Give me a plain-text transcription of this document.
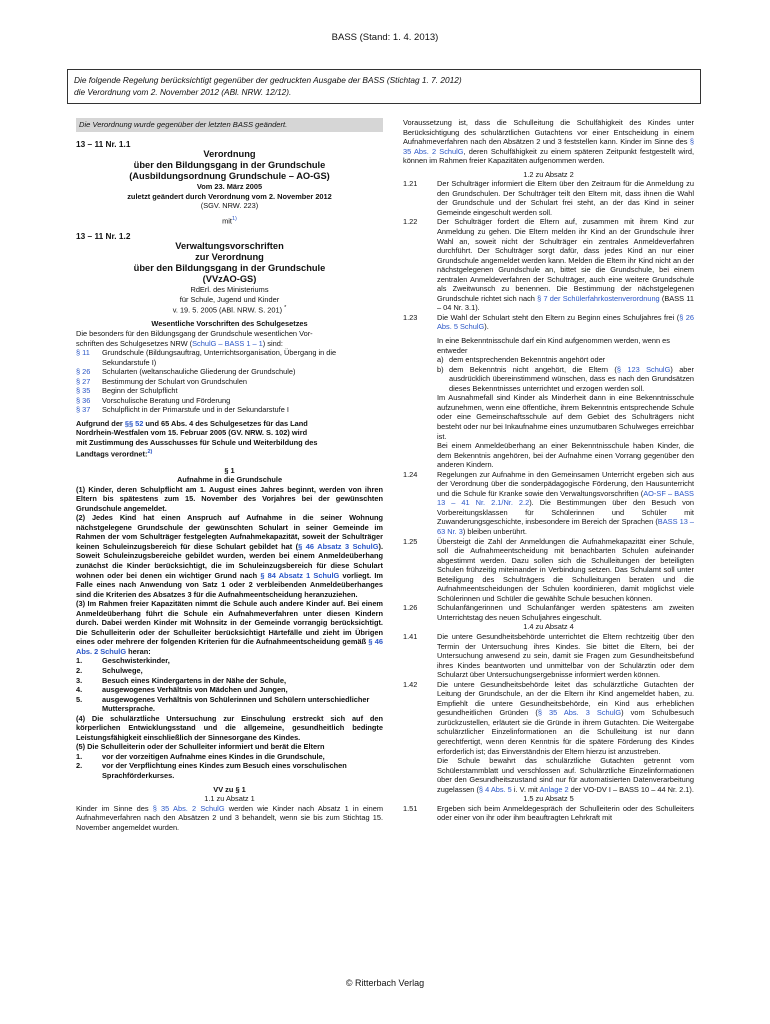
BASS (Stand: 1. 4. 2013)
Die folgende Regelung berücksichtigt gegenüber der gedruckten Ausgabe der BASS (Stichtag 1. 7. 2012)
die Verordnung vom 2. November 2012 (ABl. NRW. 12/12).

Die Verordnung wurde gegenüber der letzten BASS geändert.

13 – 11 Nr. 1.1

Verordnung

über den Bildungsgang in der Grundschule

(Ausbildungsordnung Grundschule – AO-GS)

Vom 23. März 2005

zuletzt geändert durch Verordnung vom 2. November 2012

(SGV. NRW. 223)

mit$^{1)}$

13 – 11 Nr. 1.2

Verwaltungsvorschriften

zur Verordnung

über den Bildungsgang in der Grundschule

(VVzAO-GS)

RdErl. des Ministeriums

für Schule, Jugend und Kinder

v. 19. 5. 2005 (ABl. NRW. S. 201) *

Wesentliche Vorschriften des Schulgesetzes

Die besonders für den Bildungsgang der Grundschule wesentlichen Vor-

schriften des Schulgesetzes NRW (SchulG – BASS 1 – 1) sind:

§ 11	Grundschule (Bildungsauftrag, Unterrichtsorganisation, Übergang in die Sekundarstufe I)
§ 26	Schularten (weltanschauliche Gliederung der Grundschule)
§ 27	Bestimmung der Schulart von Grundschulen
§ 35	Beginn der Schulpflicht
§ 36	Vorschulische Beratung und Förderung
§ 37	Schulpflicht in der Primarstufe und in der Sekundarstufe I

Aufgrund der §§ 52 und 65 Abs. 4 des Schulgesetzes für das Land

Nordrhein-Westfalen vom 15. Februar 2005 (GV. NRW. S. 102) wird

mit Zustimmung des Ausschusses für Schule und Weiterbildung des

Landtags verordnet:$^{2)}$

§ 1

Aufnahme in die Grundschule

(1) Kinder, deren Schulpflicht am 1. August eines Jahres beginnt, werden von ihren Eltern bis spätestens zum 15. November des Vorjahres bei der gewünschten Grundschule angemeldet.

(2) Jedes Kind hat einen Anspruch auf Aufnahme in die seiner Wohnung nächstgelegene Grundschule der gewünschten Schulart in seiner Gemeinde im Rahmen der vom Schulträger festgelegten Aufnahmekapazität, soweit der Schulträger keinen Schuleinzugsbereich für diese Schulart gebildet hat (§ 46 Absatz 3 SchulG). Soweit Schuleinzugsbereiche gebildet wurden, werden bei einem Anmeldeüberhang zunächst die Kinder berücksichtigt, die im Schuleinzugsbereich für diese Schulart wohnen oder bei denen ein wichtiger Grund nach § 84 Absatz 1 SchulG vorliegt. Im Falle eines nach Anwendung von Satz 1 oder 2 verbleibenden Anmeldeüberhanges sind die Kriterien des Absatzes 3 für die Aufnahmeentscheidung heranzuziehen.

(3) Im Rahmen freier Kapazitäten nimmt die Schule auch andere Kinder auf. Bei einem Anmeldeüberhang führt die Schule ein Aufnahmeverfahren unter diesen Kindern durch. Dabei werden Kinder mit Wohnsitz in der Gemeinde vorrangig berücksichtigt. Die Schulleiterin oder der Schulleiter berücksichtigt Härtefälle und zieht im Übrigen eines oder mehrere der folgenden Kriterien für die Aufnahmeentscheidung gemäß § 46 Abs. 2 SchulG heran:

1.	Geschwisterkinder,
2.	Schulwege,
3.	Besuch eines Kindergartens in der Nähe der Schule,
4.	ausgewogenes Verhältnis von Mädchen und Jungen,
5.	ausgewogenes Verhältnis von Schülerinnen und Schülern unterschiedlicher Muttersprache.

(4) Die schulärztliche Untersuchung zur Einschulung erstreckt sich auf den körperlichen Entwicklungsstand und die allgemeine, gesundheitlich bedingte Leistungsfähigkeit einschließlich der Sinnesorgane des Kindes.

(5) Die Schulleiterin oder der Schulleiter informiert und berät die Eltern

1.	vor der vorzeitigen Aufnahme eines Kindes in die Grundschule,
2.	vor der Verpflichtung eines Kindes zum Besuch eines vorschulischen Sprachförderkurses.

VV zu § 1

1.1 zu Absatz 1

Kinder im Sinne des § 35 Abs. 2 SchulG werden wie Kinder nach Absatz 1 in einem Aufnahmeverfahren nach den Absätzen 2 und 3 behandelt, wenn sie bis zum Stichtag 15. November angemeldet wurden.

Voraussetzung ist, dass die Schulleitung die Schulfähigkeit des Kindes unter Berücksichtigung des schulärztlichen Gutachtens vor einer Entscheidung in einem Aufnahmeverfahren nach den Absätzen 2 und 3 feststellen kann. Kinder im Sinne des § 35 Abs. 2 SchulG, deren Schulfähigkeit zu einem späteren Zeitpunkt festgestellt wird, können im Rahmen freier Kapazitäten aufgenommen werden.

1.2 zu Absatz 2

1.21	Der Schulträger informiert die Eltern über den Zeitraum für die Anmeldung zu den Grundschulen. Der Schulträger teilt den Eltern mit, dass ihnen die Wahl der Grundschule und der Schulart frei steht, an der das Kind in seiner Gemeinde eingeschult werden soll.
1.22	Der Schulträger fordert die Eltern auf, zusammen mit ihrem Kind zur Anmeldung zu gehen. Die Eltern melden ihr Kind an der Grundschule ihrer Wahl an, soweit nicht der Schulträger ein zentrales Anmeldeverfahren durchführt. Der Schulträger sorgt dafür, dass jedes Kind an nur einer Grundschule angemeldet werden kann. Melden die Eltern ihr Kind nicht an der nächstgelegenen Grundschule an, bittet sie die Grundschule, bei einem zentralen Anmeldeverfahren der Schulträger, auch eine weitere Grundschule als Zweitwunsch zu benennen. Die Bestimmung der nächstgelegenen Grundschule richtet sich nach § 7 der Schülerfahrkostenverordnung (BASS 11 – 04 Nr. 3.1).
1.23	Die Wahl der Schulart steht den Eltern zu Beginn eines Schuljahres frei (§ 26 Abs. 5 SchulG).

In eine Bekenntnisschule darf ein Kind aufgenommen werden, wenn es entweder

a) dem entsprechenden Bekenntnis angehört oder
b) dem Bekenntnis nicht angehört, die Eltern (§ 123 SchulG) aber ausdrücklich übereinstimmend wünschen, dass es nach den Grundsätzen dieses Bekenntnisses unterrichtet und erzogen werden soll.

Im Ausnahmefall sind Kinder als Minderheit dann in eine Bekenntnisschule aufzunehmen, wenn eine öffentliche, ihrem Bekenntnis entsprechende Schule oder eine Gemeinschaftsschule auf dem Gebiet des Schulträgers nicht besteht oder nur bei Inkaufnahme eines unzumutbaren Schulweges erreichbar ist.

Bei einem Anmeldeüberhang an einer Bekenntnisschule haben Kinder, die dem Bekenntnis angehören, bei der Aufnahme einen Vorrang gegenüber den anderen Kindern.

1.24	Regelungen zur Aufnahme in den Gemeinsamen Unterricht ergeben sich aus der Verordnung über die sonderpädagogische Förderung, den Hausunterricht und die Schule für Kranke sowie den Verwaltungsvorschriften (AO-SF – BASS 13 – 41 Nr. 2.1/Nr. 2.2). Die Bestimmungen über den Besuch von Vorbereitungsklassen für Schülerinnen und Schüler mit Zuwanderungsgeschichte, insbesondere im Bereich der Sprachen (BASS 13 – 63 Nr. 3) bleiben unberührt.
1.25	Übersteigt die Zahl der Anmeldungen die Aufnahmekapazität einer Schule, soll die Aufnahmeentscheidung mit benachbarten Schulen aufeinander abgestimmt werden. Dazu sollen sich die Schulleitungen der beteiligten Schulen frühzeitig miteinander in Verbindung setzen. Das Schulamt soll unter Beteiligung des Schulträgers die Schulleitungen beraten und die Aufnahmeentscheidungen der Schulen koordinieren, damit möglichst viele Schülerinnen und Schüler die gewählte Schule besuchen können.
1.26	Schulanfängerinnen und Schulanfänger werden spätestens am zweiten Unterrichtstag des neuen Schuljahres eingeschult.

1.4 zu Absatz 4

1.41	Die untere Gesundheitsbehörde unterrichtet die Eltern rechtzeitig über den Termin der Untersuchung ihres Kindes. Sie bittet die Eltern, bei der Untersuchung anwesend zu sein, damit sie Fragen zum Gesundheitsbefund ihres Kindes beantworten und unmittelbar von der Schulärztin oder dem Schularzt über Untersuchungsergebnisse informiert werden können.
1.42	Die untere Gesundheitsbehörde leitet das schulärztliche Gutachten der Leitung der Grundschule, an der die Eltern ihr Kind angemeldet haben, zu. Empfiehlt die untere Gesundheitsbehörde, ein Kind aus erheblichen gesundheitlichen Gründen (§ 35 Abs. 3 SchulG) vom Schulbesuch zurückzustellen, erläutert sie die Gründe in ihrem Gutachten. Die Weitergabe schulärztlicher Einzelinformationen an die Schulleitung ist nur dann gerechtfertigt, wenn deren Kenntnis für die spätere Förderung des Kindes erforderlich ist; das Einverständnis der Eltern hierzu ist anzustreben.
Die Schule bewahrt das schulärztliche Gutachten getrennt vom Schülerstammblatt und verschlossen auf. Schulärztliche Einzelinformationen über den Gesundheitszustand sind nur für automatisierten Datenverarbeitung zugelassen (§ 4 Abs. 5 i. V. mit Anlage 2 der VO-DV I – BASS 10 – 44 Nr. 2.1).

1.5 zu Absatz 5

1.51	Ergeben sich beim Anmeldegespräch der Schulleiterin oder des Schulleiters oder einer von ihr oder ihm beauftragten Lehrkraft mit
© Ritterbach Verlag
